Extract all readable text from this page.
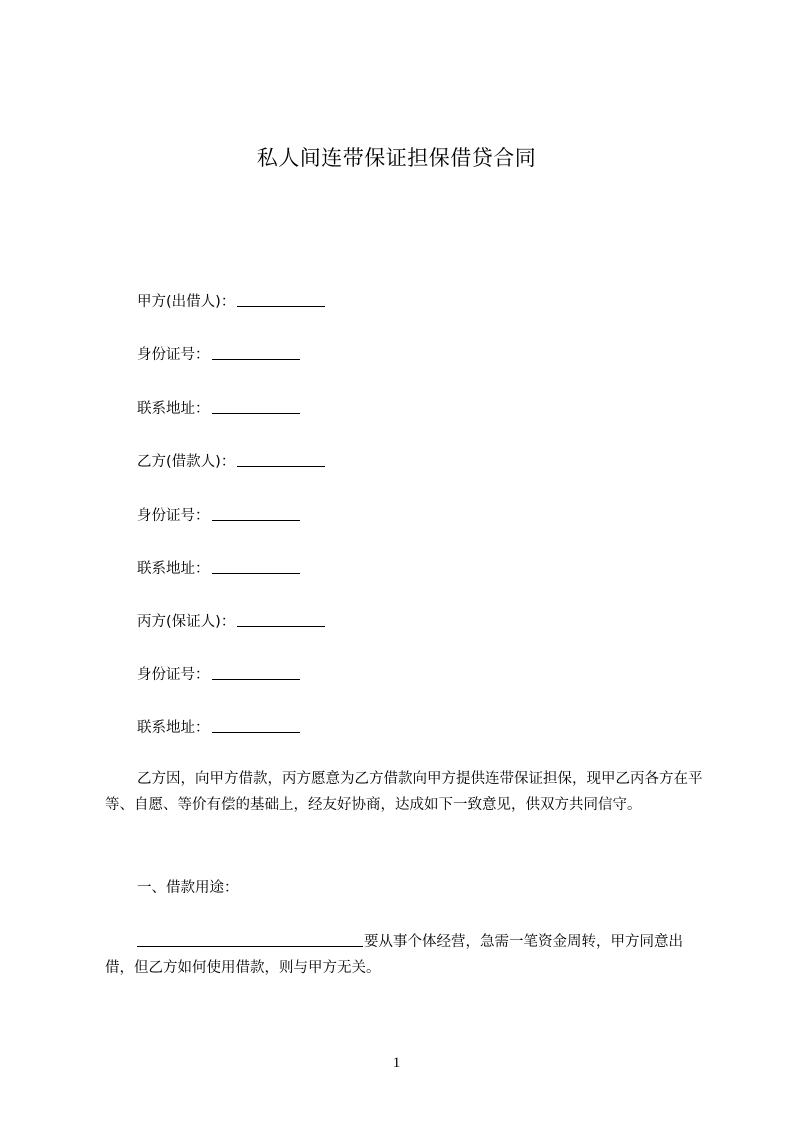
私人间连带保证担保借贷合同
甲方(出借人)：
身份证号：
联系地址：
乙方(借款人)：
身份证号：
联系地址：
丙方(保证人)：
身份证号：
联系地址：
乙方因，向甲方借款，丙方愿意为乙方借款向甲方提供连带保证担保，现甲乙丙各方在平等、自愿、等价有偿的基础上，经友好协商，达成如下一致意见，供双方共同信守。
一、借款用途：
要从事个体经营，急需一笔资金周转，甲方同意出借，但乙方如何使用借款，则与甲方无关。
1
